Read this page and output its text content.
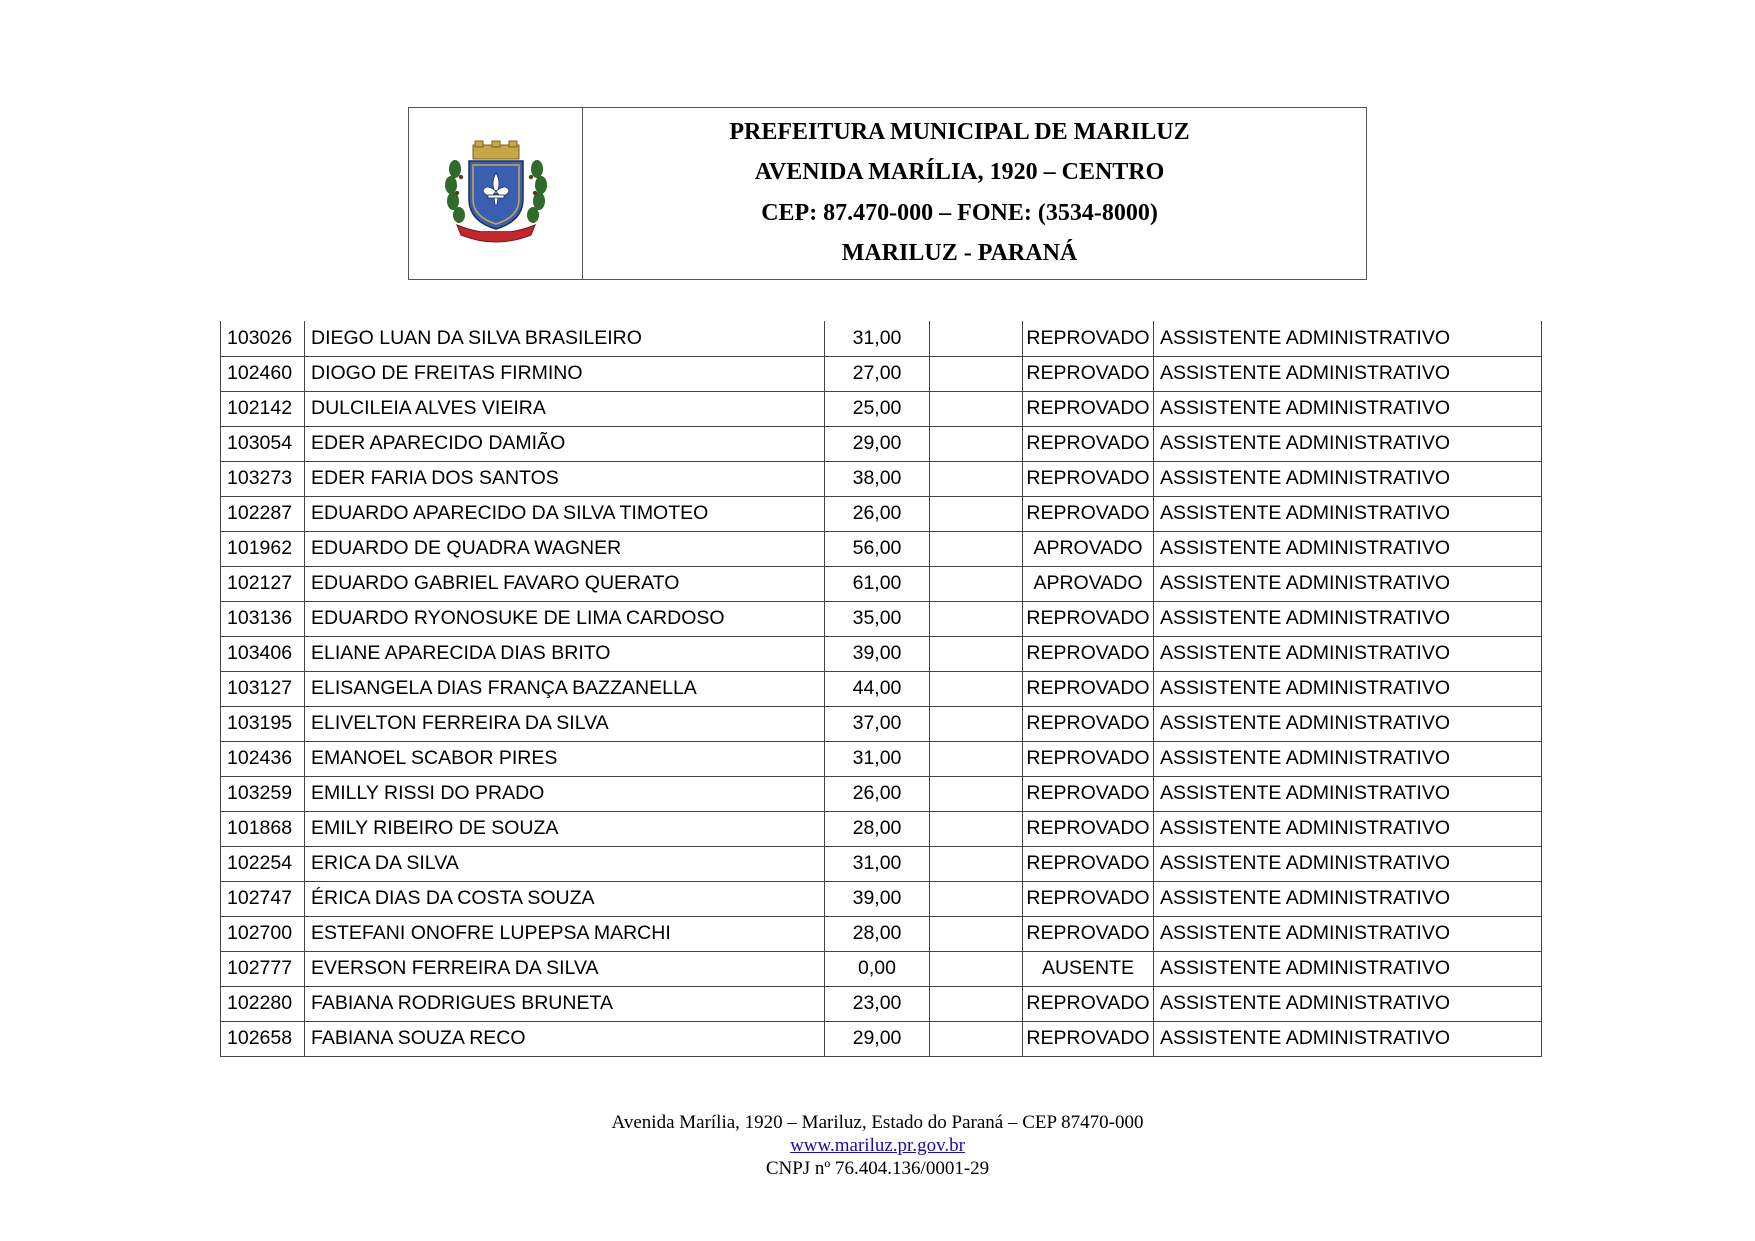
PREFEITURA MUNICIPAL DE MARILUZ
AVENIDA MARÍLIA, 1920 – CENTRO
CEP: 87.470-000 – FONE: (3534-8000)
MARILUZ - PARANÁ
103026	DIEGO LUAN DA SILVA BRASILEIRO	31,00		REPROVADO	ASSISTENTE ADMINISTRATIVO
102460	DIOGO DE FREITAS FIRMINO	27,00		REPROVADO	ASSISTENTE ADMINISTRATIVO
102142	DULCILEIA ALVES VIEIRA	25,00		REPROVADO	ASSISTENTE ADMINISTRATIVO
103054	EDER APARECIDO DAMIÃO	29,00		REPROVADO	ASSISTENTE ADMINISTRATIVO
103273	EDER FARIA DOS SANTOS	38,00		REPROVADO	ASSISTENTE ADMINISTRATIVO
102287	EDUARDO APARECIDO DA SILVA TIMOTEO	26,00		REPROVADO	ASSISTENTE ADMINISTRATIVO
101962	EDUARDO DE QUADRA WAGNER	56,00		APROVADO	ASSISTENTE ADMINISTRATIVO
102127	EDUARDO GABRIEL FAVARO QUERATO	61,00		APROVADO	ASSISTENTE ADMINISTRATIVO
103136	EDUARDO RYONOSUKE DE LIMA CARDOSO	35,00		REPROVADO	ASSISTENTE ADMINISTRATIVO
103406	ELIANE APARECIDA DIAS BRITO	39,00		REPROVADO	ASSISTENTE ADMINISTRATIVO
103127	ELISANGELA DIAS FRANÇA BAZZANELLA	44,00		REPROVADO	ASSISTENTE ADMINISTRATIVO
103195	ELIVELTON FERREIRA DA SILVA	37,00		REPROVADO	ASSISTENTE ADMINISTRATIVO
102436	EMANOEL SCABOR PIRES	31,00		REPROVADO	ASSISTENTE ADMINISTRATIVO
103259	EMILLY RISSI DO PRADO	26,00		REPROVADO	ASSISTENTE ADMINISTRATIVO
101868	EMILY RIBEIRO DE SOUZA	28,00		REPROVADO	ASSISTENTE ADMINISTRATIVO
102254	ERICA DA SILVA	31,00		REPROVADO	ASSISTENTE ADMINISTRATIVO
102747	ÉRICA DIAS DA COSTA SOUZA	39,00		REPROVADO	ASSISTENTE ADMINISTRATIVO
102700	ESTEFANI ONOFRE LUPEPSA MARCHI	28,00		REPROVADO	ASSISTENTE ADMINISTRATIVO
102777	EVERSON FERREIRA DA SILVA	0,00		AUSENTE	ASSISTENTE ADMINISTRATIVO
102280	FABIANA RODRIGUES BRUNETA	23,00		REPROVADO	ASSISTENTE ADMINISTRATIVO
102658	FABIANA SOUZA RECO	29,00		REPROVADO	ASSISTENTE ADMINISTRATIVO
Avenida Marília, 1920 – Mariluz, Estado do Paraná – CEP 87470-000
www.mariluz.pr.gov.br
CNPJ nº 76.404.136/0001-29
